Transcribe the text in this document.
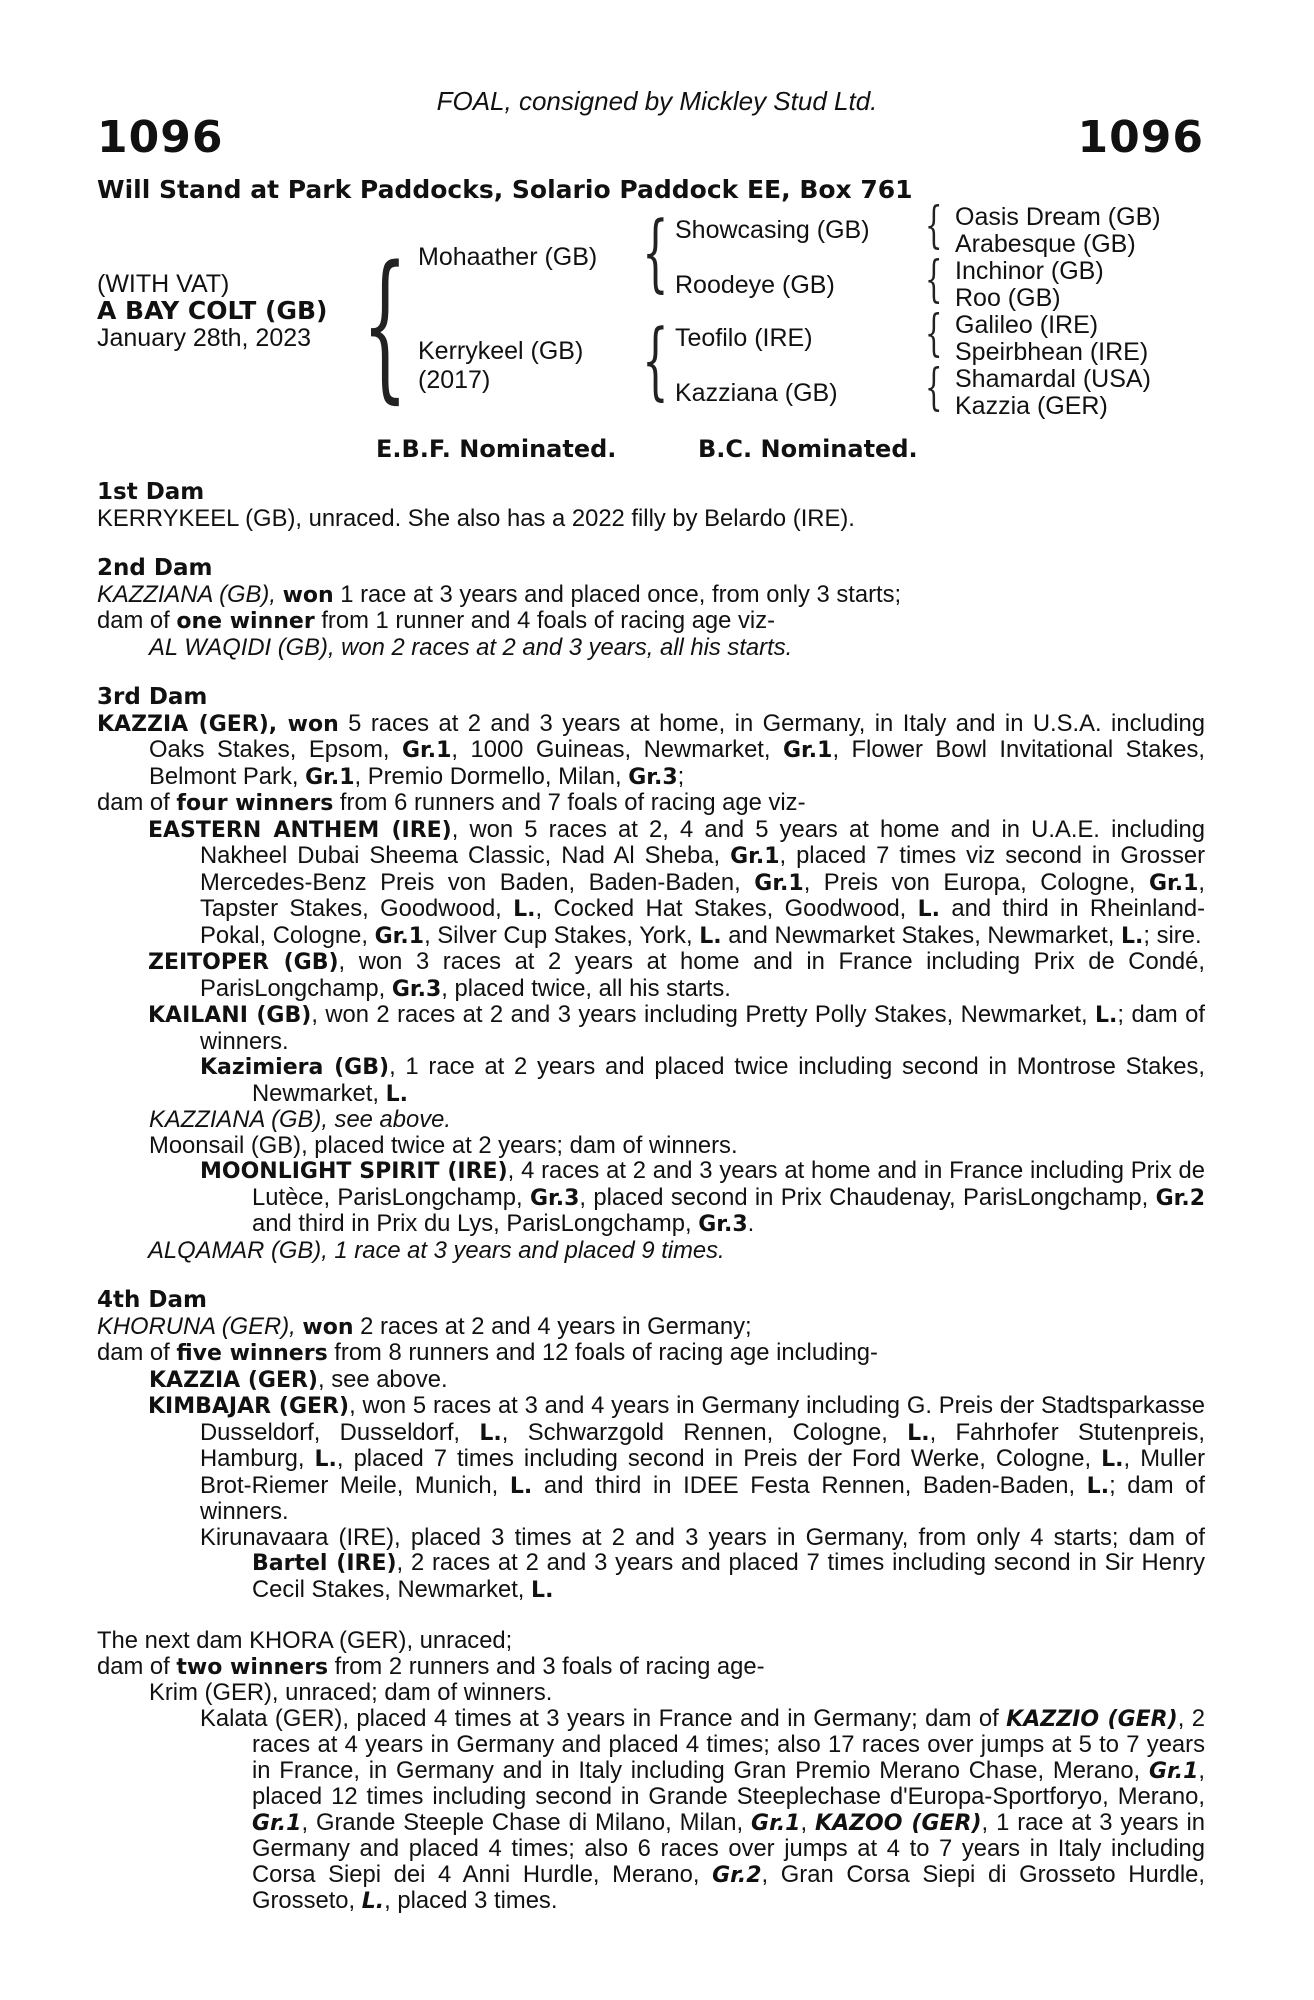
FOAL, consigned by Mickley Stud Ltd.
1096	1096
Will Stand at Park Paddocks, Solario Paddock EE, Box 761
(WITH VAT)
A BAY COLT (GB)
January 28th, 2023 { Mohaather (GB)
Kerrykeel (GB)
(2017)
{
{
Showcasing (GB)
Roodeye (GB)
Teofilo (IRE)
Kazziana (GB)
{
{
{
{
Oasis Dream (GB)
Arabesque (GB)
Inchinor (GB)
Roo (GB)
Galileo (IRE)
Speirbhean (IRE)
Shamardal (USA)
Kazzia (GER)
E.B.F. Nominated.	B.C. Nominated.

1st Dam

KERRYKEEL (GB), unraced. She also has a 2022 filly by Belardo (IRE).

2nd Dam

KAZZIANA (GB), won 1 race at 3 years and placed once, from only 3 starts;

dam of one winner from 1 runner and 4 foals of racing age viz-

AL WAQIDI (GB), won 2 races at 2 and 3 years, all his starts.

3rd Dam

KAZZIA (GER), won 5 races at 2 and 3 years at home, in Germany, in Italy and in U.S.A. including Oaks Stakes, Epsom, Gr.1, 1000 Guineas, Newmarket, Gr.1, Flower Bowl Invitational Stakes, Belmont Park, Gr.1, Premio Dormello, Milan, Gr.3;

dam of four winners from 6 runners and 7 foals of racing age viz-

EASTERN ANTHEM (IRE), won 5 races at 2, 4 and 5 years at home and in U.A.E. including Nakheel Dubai Sheema Classic, Nad Al Sheba, Gr.1, placed 7 times viz second in Grosser Mercedes-Benz Preis von Baden, Baden-Baden, Gr.1, Preis von Europa, Cologne, Gr.1, Tapster Stakes, Goodwood, L., Cocked Hat Stakes, Goodwood, L. and third in Rheinland-Pokal, Cologne, Gr.1, Silver Cup Stakes, York, L. and Newmarket Stakes, Newmarket, L.; sire.

ZEITOPER (GB), won 3 races at 2 years at home and in France including Prix de Condé, ParisLongchamp, Gr.3, placed twice, all his starts.

KAILANI (GB), won 2 races at 2 and 3 years including Pretty Polly Stakes, Newmarket, L.; dam of winners.

Kazimiera (GB), 1 race at 2 years and placed twice including second in Montrose Stakes, Newmarket, L.

KAZZIANA (GB), see above.

Moonsail (GB), placed twice at 2 years; dam of winners.

MOONLIGHT SPIRIT (IRE), 4 races at 2 and 3 years at home and in France including Prix de Lutèce, ParisLongchamp, Gr.3, placed second in Prix Chaudenay, ParisLongchamp, Gr.2 and third in Prix du Lys, ParisLongchamp, Gr.3.

ALQAMAR (GB), 1 race at 3 years and placed 9 times.

4th Dam

KHORUNA (GER), won 2 races at 2 and 4 years in Germany;

dam of five winners from 8 runners and 12 foals of racing age including-

KAZZIA (GER), see above.

KIMBAJAR (GER), won 5 races at 3 and 4 years in Germany including G. Preis der Stadtsparkasse Dusseldorf, Dusseldorf, L., Schwarzgold Rennen, Cologne, L., Fahrhofer Stutenpreis, Hamburg, L., placed 7 times including second in Preis der Ford Werke, Cologne, L., Muller Brot-Riemer Meile, Munich, L. and third in IDEE Festa Rennen, Baden-Baden, L.; dam of winners.

Kirunavaara (IRE), placed 3 times at 2 and 3 years in Germany, from only 4 starts; dam of Bartel (IRE), 2 races at 2 and 3 years and placed 7 times including second in Sir Henry Cecil Stakes, Newmarket, L.

The next dam KHORA (GER), unraced;

dam of two winners from 2 runners and 3 foals of racing age-

Krim (GER), unraced; dam of winners.

Kalata (GER), placed 4 times at 3 years in France and in Germany; dam of KAZZIO (GER), 2 races at 4 years in Germany and placed 4 times; also 17 races over jumps at 5 to 7 years in France, in Germany and in Italy including Gran Premio Merano Chase, Merano, Gr.1, placed 12 times including second in Grande Steeplechase d'Europa-Sportforyo, Merano, Gr.1, Grande Steeple Chase di Milano, Milan, Gr.1, KAZOO (GER), 1 race at 3 years in Germany and placed 4 times; also 6 races over jumps at 4 to 7 years in Italy including Corsa Siepi dei 4 Anni Hurdle, Merano, Gr.2, Gran Corsa Siepi di Grosseto Hurdle, Grosseto, L., placed 3 times.
